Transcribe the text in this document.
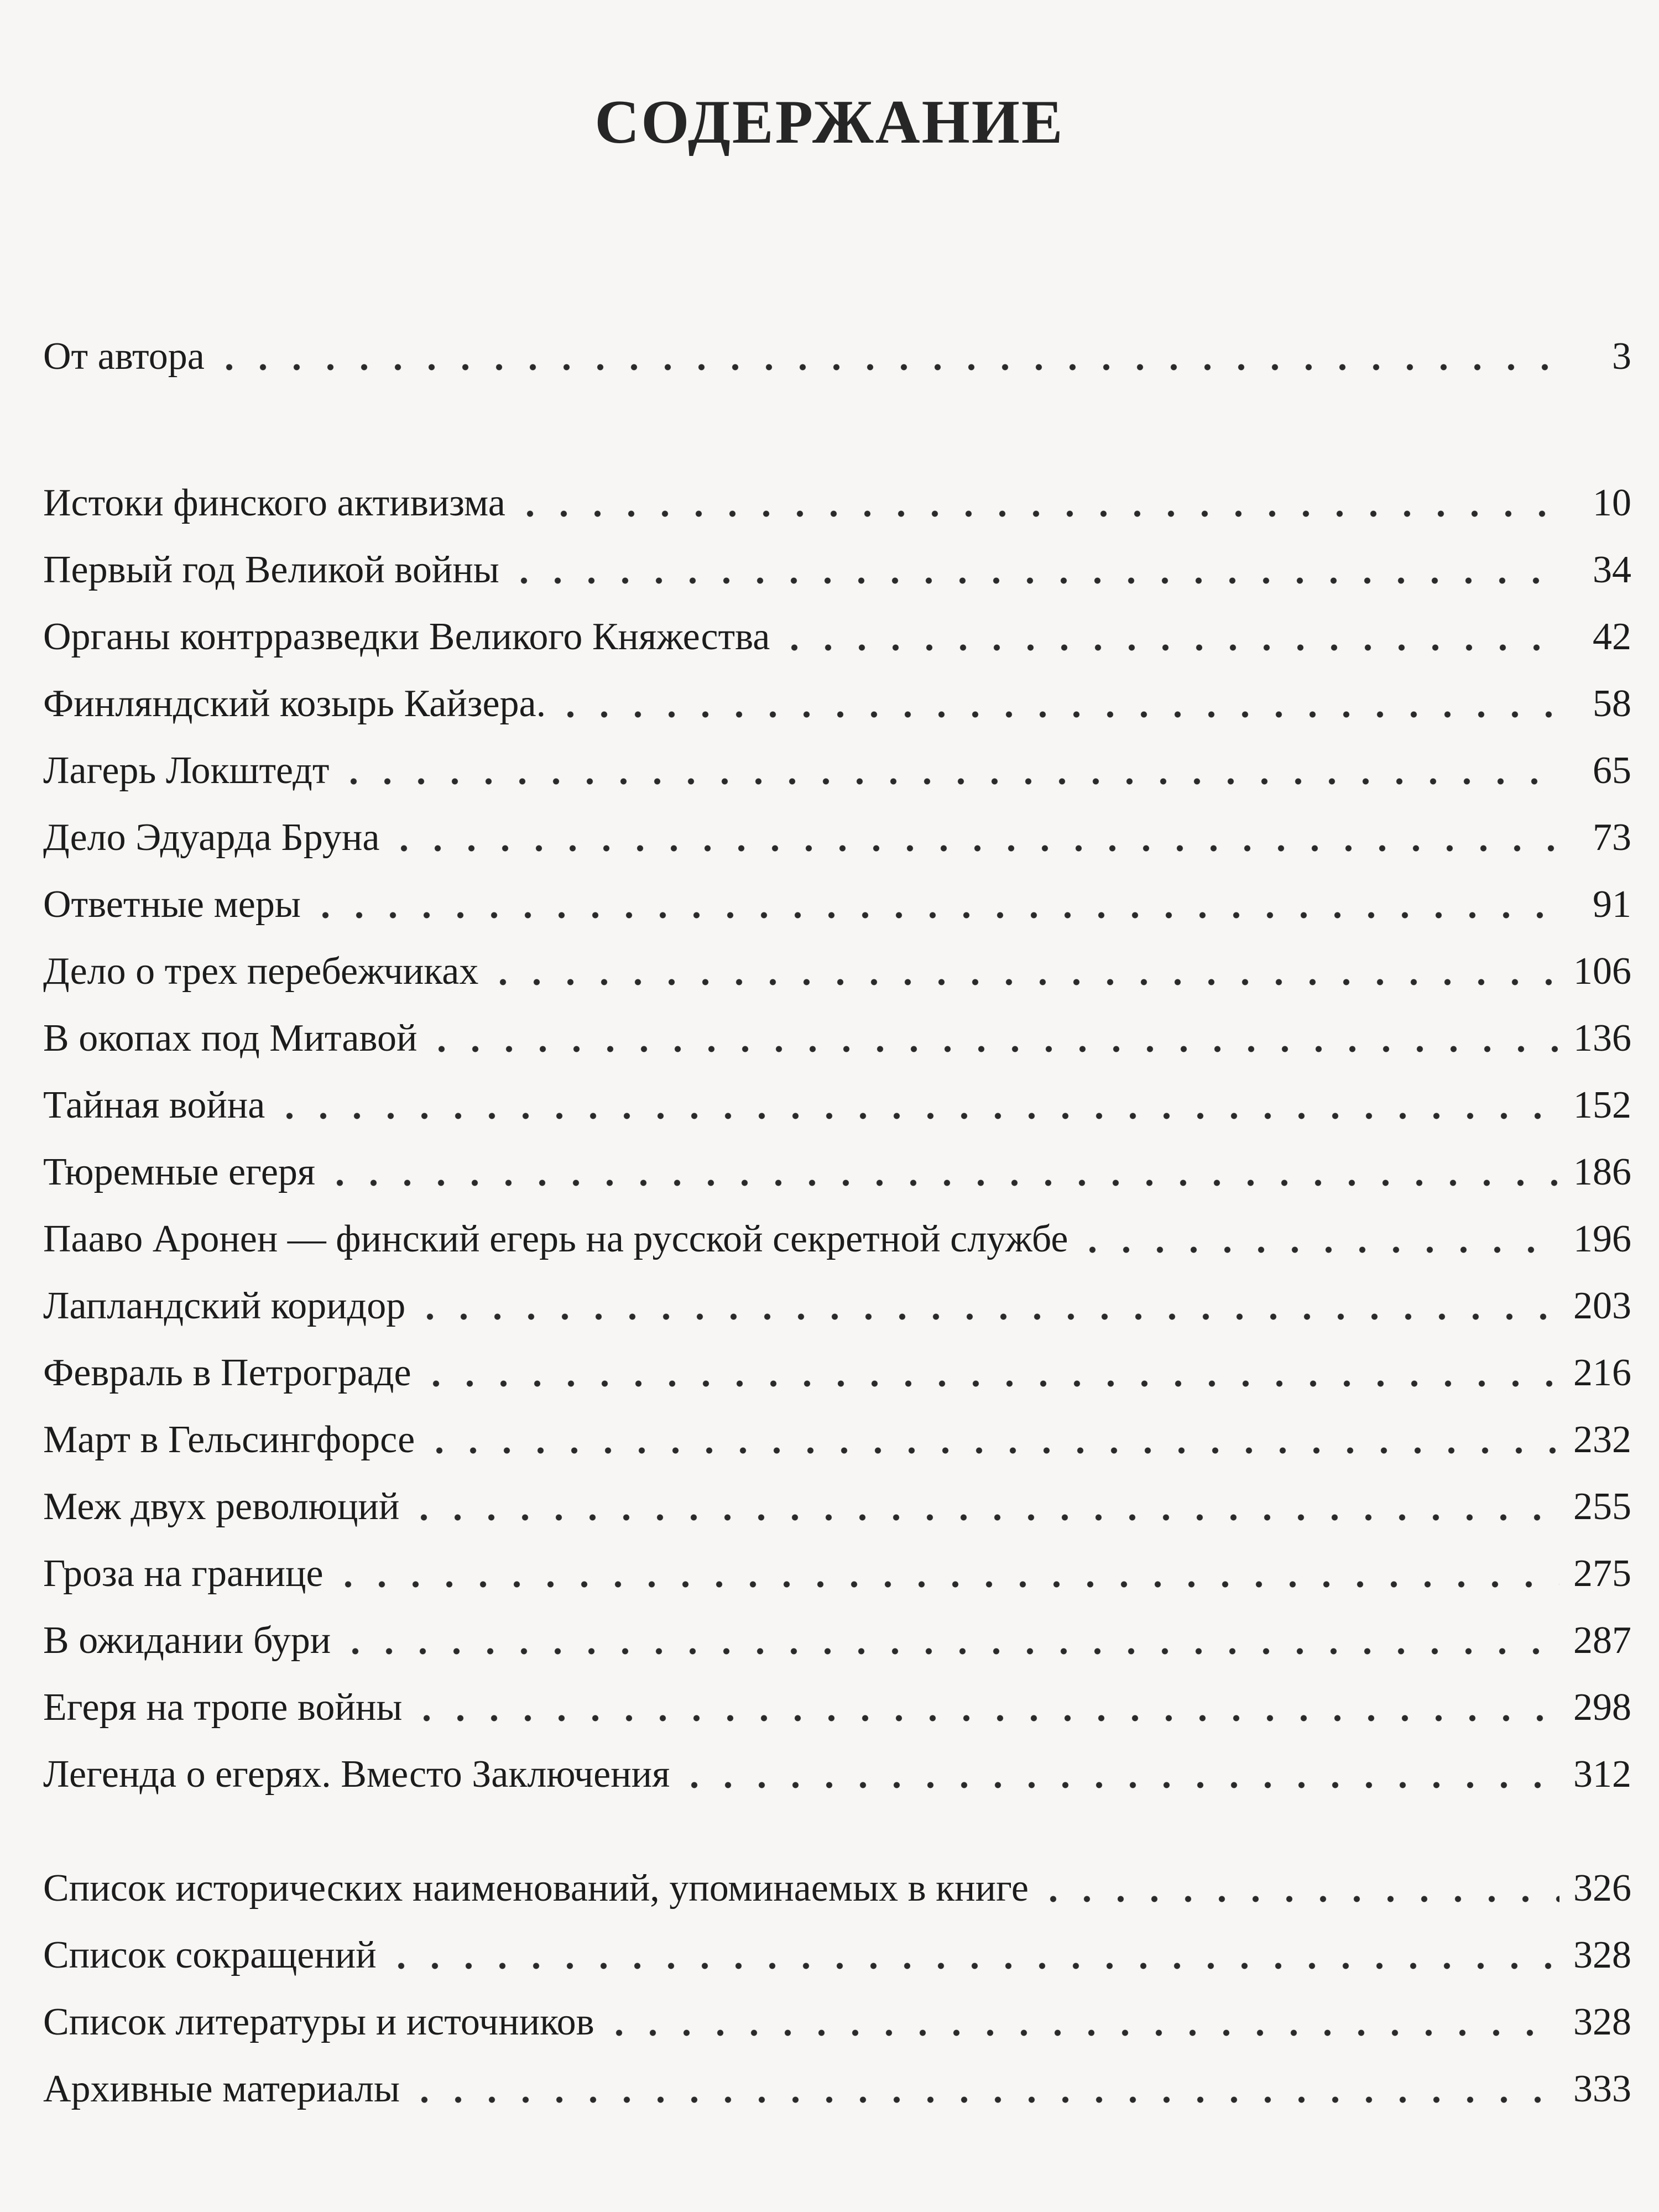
СОДЕРЖАНИЕ
От автора	3
Истоки финского активизма	10
Первый год Великой войны	34
Органы контрразведки Великого Княжества	42
Финляндский козырь Кайзера.	58
Лагерь Локштедт	65
Дело Эдуарда Бруна	73
Ответные меры	91
Дело о трех перебежчиках	106
В окопах под Митавой	136
Тайная война	152
Тюремные егеря	186
Пааво Аронен — финский егерь на русской секретной службе	196
Лапландский коридор	203
Февраль в Петрограде	216
Март в Гельсингфорсе	232
Меж двух революций	255
Гроза на границе	275
В ожидании бури	287
Егеря на тропе войны	298
Легенда о егерях. Вместо Заключения	312
Список исторических наименований, упоминаемых в книге	326
Список сокращений	328
Список литературы и источников	328
Архивные материалы	333
